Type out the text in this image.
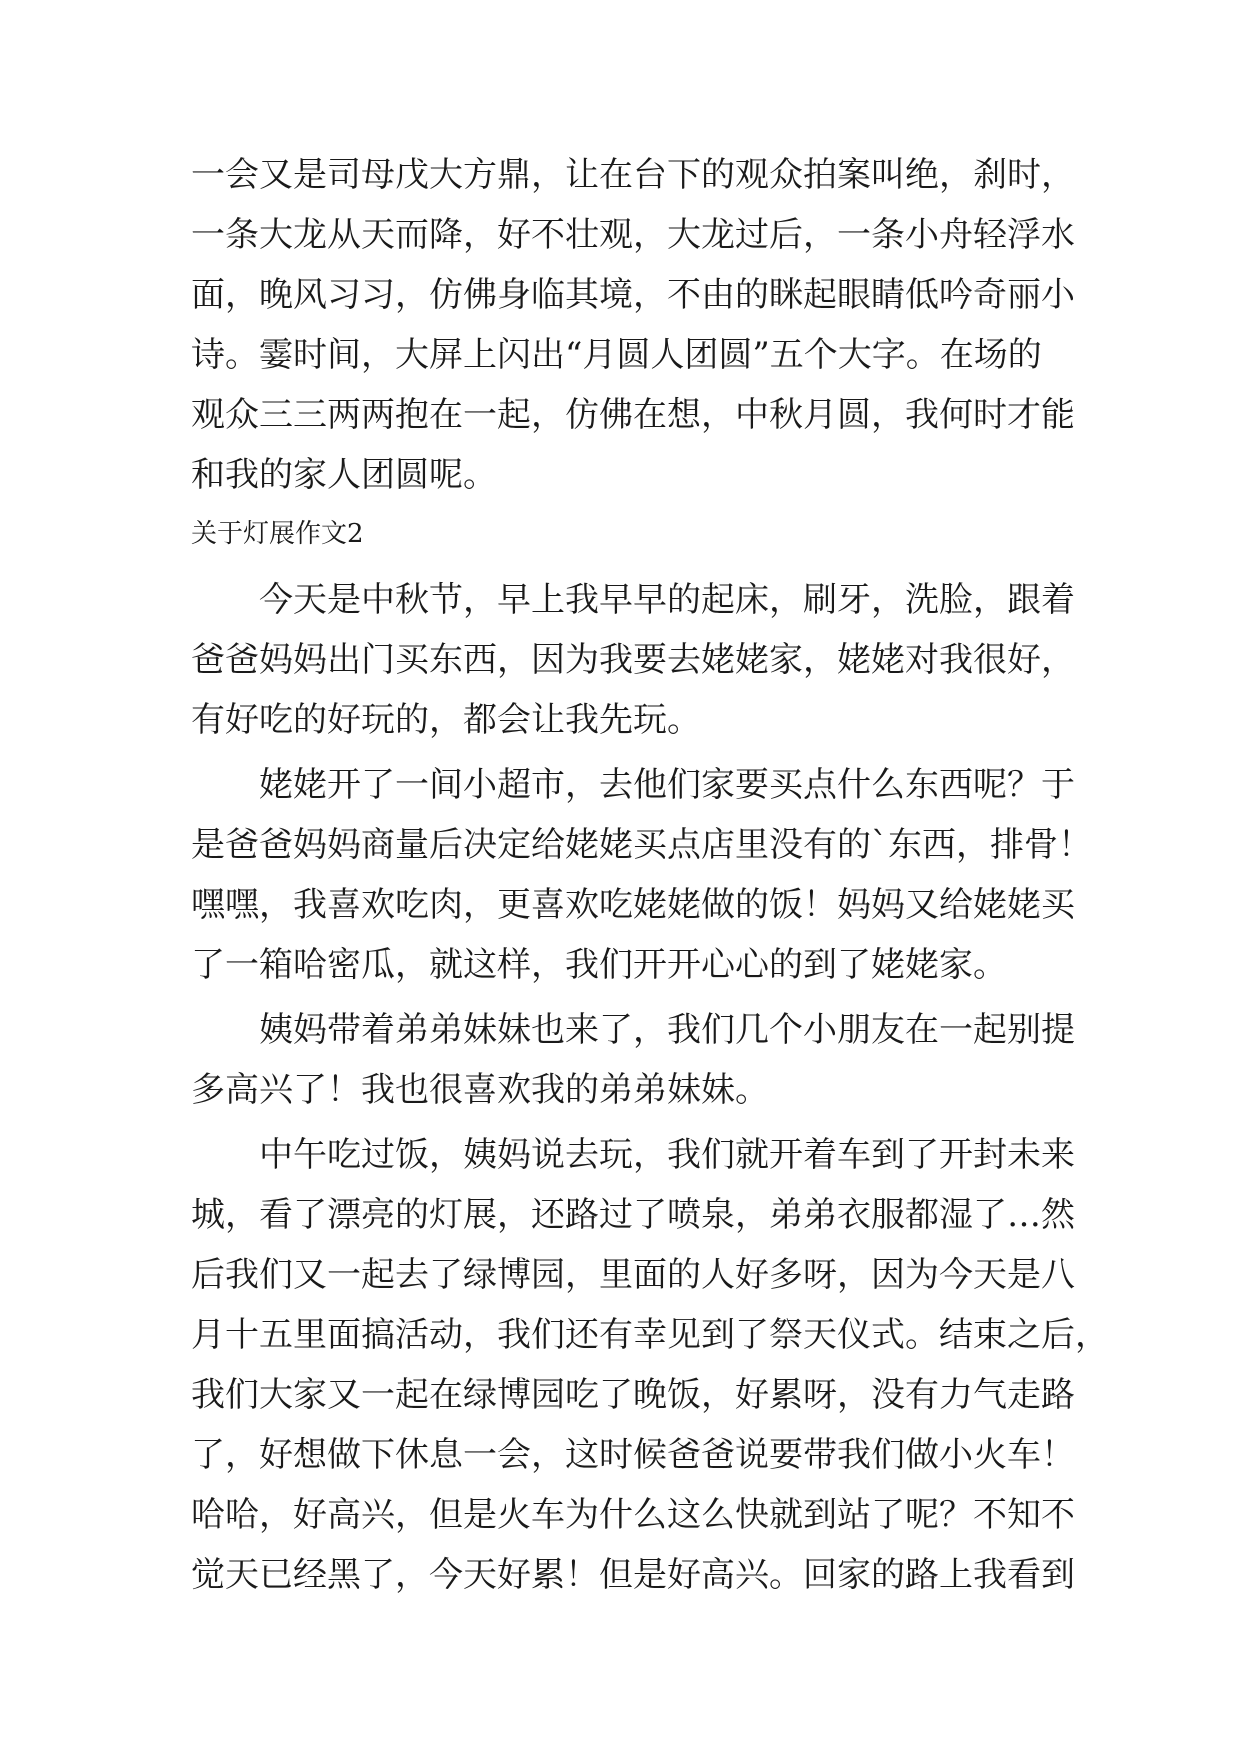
一会又是司母戊大方鼎，让在台下的观众拍案叫绝，刹时，

一条大龙从天而降，好不壮观，大龙过后，一条小舟轻浮水

面，晚风习习，仿佛身临其境，不由的眯起眼睛低吟奇丽小

诗。霎时间，大屏上闪出“月圆人团圆”五个大字。在场的

观众三三两两抱在一起，仿佛在想，中秋月圆，我何时才能

和我的家人团圆呢。

关于灯展作文2

　　今天是中秋节，早上我早早的起床，刷牙，洗脸，跟着

爸爸妈妈出门买东西，因为我要去姥姥家，姥姥对我很好，

有好吃的好玩的，都会让我先玩。

　　姥姥开了一间小超市，去他们家要买点什么东西呢？于

是爸爸妈妈商量后决定给姥姥买点店里没有的`东西，排骨！

嘿嘿，我喜欢吃肉，更喜欢吃姥姥做的饭！妈妈又给姥姥买

了一箱哈密瓜，就这样，我们开开心心的到了姥姥家。

　　姨妈带着弟弟妹妹也来了，我们几个小朋友在一起别提

多高兴了！我也很喜欢我的弟弟妹妹。

　　中午吃过饭，姨妈说去玩，我们就开着车到了开封未来

城，看了漂亮的灯展，还路过了喷泉，弟弟衣服都湿了…然

后我们又一起去了绿博园，里面的人好多呀，因为今天是八

月十五里面搞活动，我们还有幸见到了祭天仪式。结束之后，

我们大家又一起在绿博园吃了晚饭，好累呀，没有力气走路

了，好想做下休息一会，这时候爸爸说要带我们做小火车！

哈哈，好高兴，但是火车为什么这么快就到站了呢？不知不

觉天已经黑了，今天好累！但是好高兴。回家的路上我看到
